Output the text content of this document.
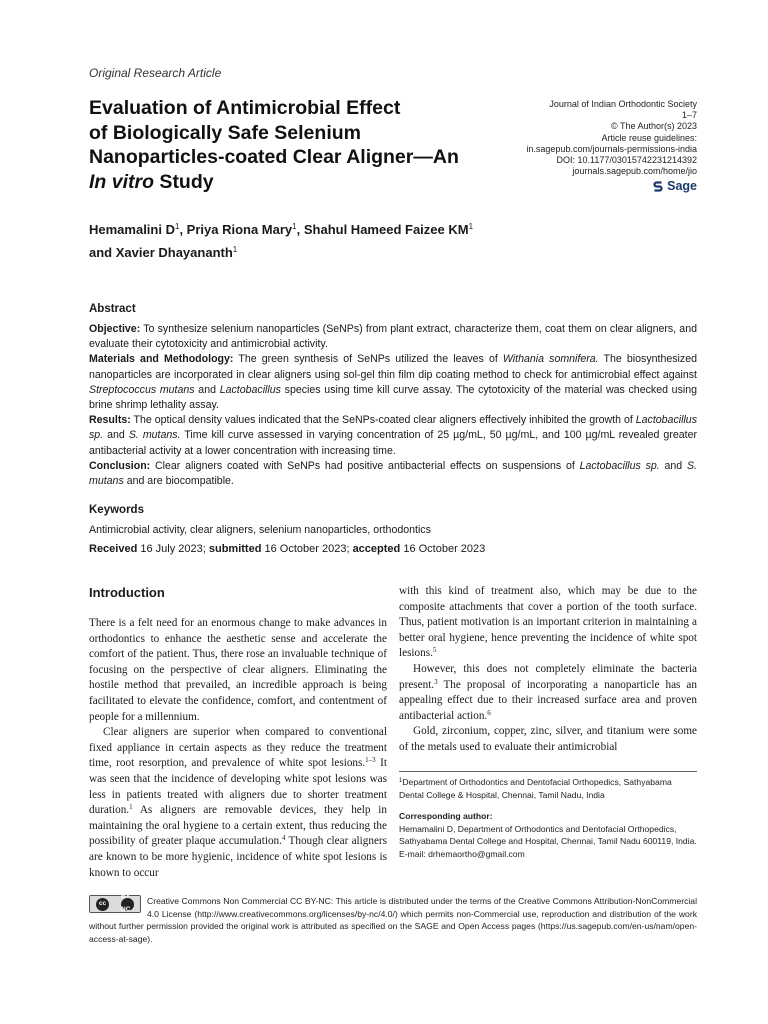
Original Research Article
Evaluation of Antimicrobial Effect
of Biologically Safe Selenium
Nanoparticles-coated Clear Aligner—An
In vitro Study
Journal of Indian Orthodontic Society
1–7
© The Author(s) 2023
Article reuse guidelines:
in.sagepub.com/journals-permissions-india
DOI: 10.1177/03015742231214392
journals.sagepub.com/home/jio
Sage

Hemamalini $D^1$, Priya Riona Mary$^1$, Shahul Hameed Faizee $KM^1$
and Xavier Dhayananth$^1$

Abstract

Objective: To synthesize selenium nanoparticles (SeNPs) from plant extract, characterize them, coat them on clear aligners, and evaluate their cytotoxicity and antimicrobial activity.

Materials and Methodology: The green synthesis of SeNPs utilized the leaves of Withania somnifera. The biosynthesized nanoparticles are incorporated in clear aligners using sol-gel thin film dip coating method to check for antimicrobial effect against Streptococcus mutans and Lactobacillus species using time kill curve assay. The cytotoxicity of the material was checked using brine shrimp lethality assay.

Results: The optical density values indicated that the SeNPs-coated clear aligners effectively inhibited the growth of Lactobacillus sp. and S. mutans. Time kill curve assessed in varying concentration of 25 µg/mL, 50 µg/mL, and 100 µg/mL revealed greater antibacterial activity at a lower concentration with increasing time.

Conclusion: Clear aligners coated with SeNPs had positive antibacterial effects on suspensions of Lactobacillus sp. and S. mutans and are biocompatible.

Keywords

Antimicrobial activity, clear aligners, selenium nanoparticles, orthodontics

Received 16 July 2023; submitted 16 October 2023; accepted 16 October 2023

Introduction

There is a felt need for an enormous change to make advances in orthodontics to enhance the aesthetic sense and accelerate the comfort of the patient. Thus, there rose an invaluable technique of focusing on the perspective of clear aligners. Eliminating the hostile method that prevailed, an incredible approach is being facilitated to elevate the confidence, comfort, and contentment of people for a millennium.

Clear aligners are superior when compared to conventional fixed appliance in certain aspects as they reduce the treatment time, root resorption, and prevalence of white spot lesions.$^{1-3}$ It was seen that the incidence of developing white spot lesions was less in patients treated with aligners due to shorter treatment duration.$^1$ As aligners are removable devices, they help in maintaining the oral hygiene to a certain extent, thus reducing the possibility of greater plaque accumulation.$^4$ Though clear aligners are known to be more hygienic, incidence of white spot lesions is known to occur

with this kind of treatment also, which may be due to the composite attachments that cover a portion of the tooth surface. Thus, patient motivation is an important criterion in maintaining a better oral hygiene, hence preventing the incidence of white spot lesions.$^5$

However, this does not completely eliminate the bacteria present.$^3$ The proposal of incorporating a nanoparticle has an appealing effect due to their increased surface area and proven antibacterial action.$^6$

Gold, zirconium, copper, zinc, silver, and titanium were some of the metals used to evaluate their antimicrobial

$^1$Department of Orthodontics and Dentofacial Orthopedics, Sathyabama Dental College & Hospital, Chennai, Tamil Nadu, India

Corresponding author:

Hemamalini D, Department of Orthodontics and Dentofacial Orthopedics, Sathyabama Dental College and Hospital, Chennai, Tamil Nadu 600119, India.

E-mail: drhemaortho@gmail.com

cc
BY NC
Creative Commons Non Commercial CC BY-NC: This article is distributed under the terms of the Creative Commons Attribution-NonCommercial 4.0 License (http://www.creativecommons.org/licenses/by-nc/4.0/) which permits non-Commercial use, reproduction and distribution of the work without further permission provided the original work is attributed as specified on the SAGE and Open Access pages (https://us.sagepub.com/en-us/nam/open-access-at-sage).
